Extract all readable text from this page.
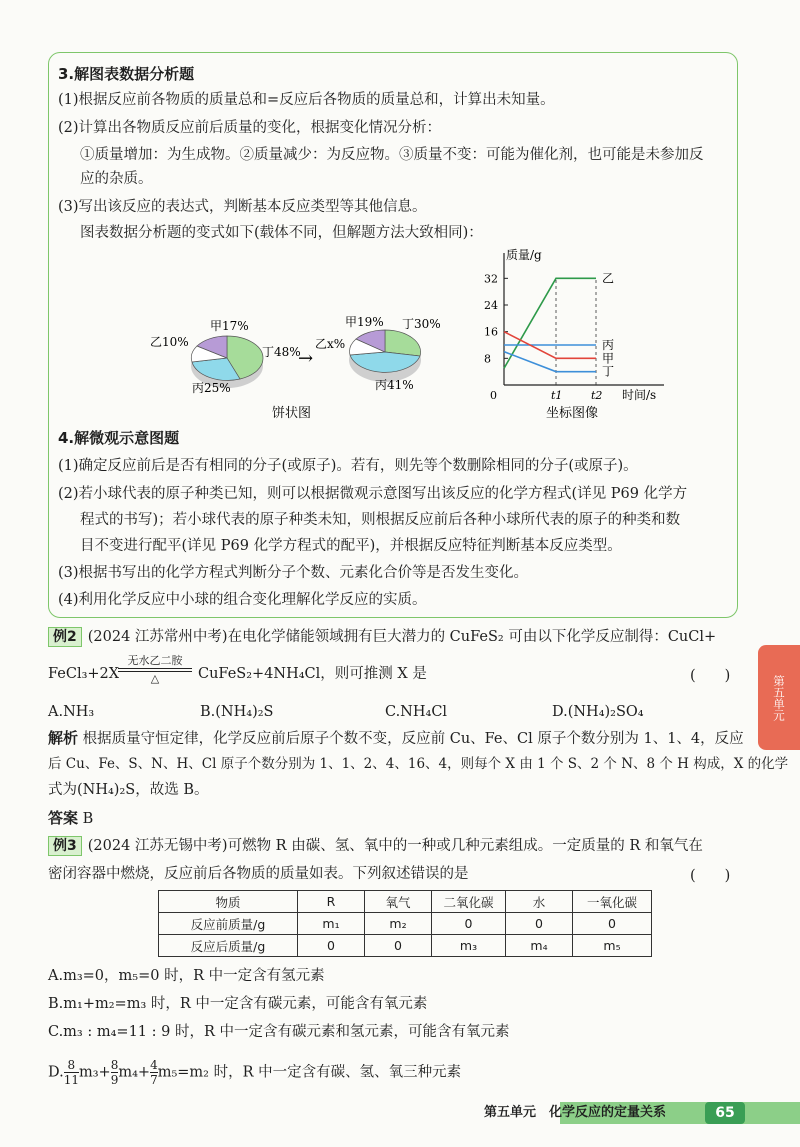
3.解图表数据分析题
(1)根据反应前各物质的质量总和=反应后各物质的质量总和，计算出未知量。
(2)计算出各物质反应前后质量的变化，根据变化情况分析：
①质量增加：为生成物。②质量减少：为反应物。③质量不变：可能为催化剂，也可能是未参加反
应的杂质。
(3)写出该反应的表达式，判断基本反应类型等其他信息。
图表数据分析题的变式如下(载体不同，但解题方法大致相同)：
甲17%
乙10%
丁48%
丙25%
→
甲19% 丁30%
乙x%
丙41%
饼状图
8
16
24
32
t1	t2
0
质量/g
时间/s
坐标图像
乙
丙
甲
丁
4.解微观示意图题
(1)确定反应前后是否有相同的分子(或原子)。若有，则先等个数删除相同的分子(或原子)。
(2)若小球代表的原子种类已知，则可以根据微观示意图写出该反应的化学方程式(详见 P69 化学方
程式的书写)；若小球代表的原子种类未知，则根据反应前后各种小球所代表的原子的种类和数
目不变进行配平(详见 P69 化学方程式的配平)，并根据反应特征判断基本反应类型。
(3)根据书写出的化学方程式判断分子个数、元素化合价等是否发生变化。
(4)利用化学反应中小球的组合变化理解化学反应的实质。
例2 (2024 江苏常州中考)在电化学储能领域拥有巨大潜力的 CuFeS₂ 可由以下化学反应制得：CuCl+
FeCl₃+2X
无水乙二胺
△	CuFeS₂+4NH₄Cl，则可推测 X 是	(　　)
A.NH₃	B.(NH₄)₂S	C.NH₄Cl	D.(NH₄)₂SO₄
解析 根据质量守恒定律，化学反应前后原子个数不变，反应前 Cu、Fe、Cl 原子个数分别为 1、1、4，反应
后 Cu、Fe、S、N、H、Cl 原子个数分别为 1、1、2、4、16、4，则每个 X 由 1 个 S、2 个 N、8 个 H 构成，X 的化学
式为(NH₄)₂S，故选 B。
答案 B
例3 (2024 江苏无锡中考)可燃物 R 由碳、氢、氧中的一种或几种元素组成。一定质量的 R 和氧气在
密闭容器中燃烧，反应前后各物质的质量如表。下列叙述错误的是	(　　)
物质	R	氧气	二氧化碳	水	一氧化碳
反应前质量/g	m₁	m₂	0	0	0
反应后质量/g	0	0	m₃	m₄	m₅
A.m₃=0，m₅=0 时，R 中一定含有氢元素
B.m₁+m₂=m₃ 时，R 中一定含有碳元素，可能含有氧元素
C.m₃ : m₄=11 : 9 时，R 中一定含有碳元素和氢元素，可能含有氧元素
D. $\frac{8}{11} m_3+ \frac{8}{9} m_4+ \frac{4}{7} m_5=m_2$ 时，R 中一定含有碳、氢、氧三种元素
第五单元
第五单元　化学反应的定量关系	65
